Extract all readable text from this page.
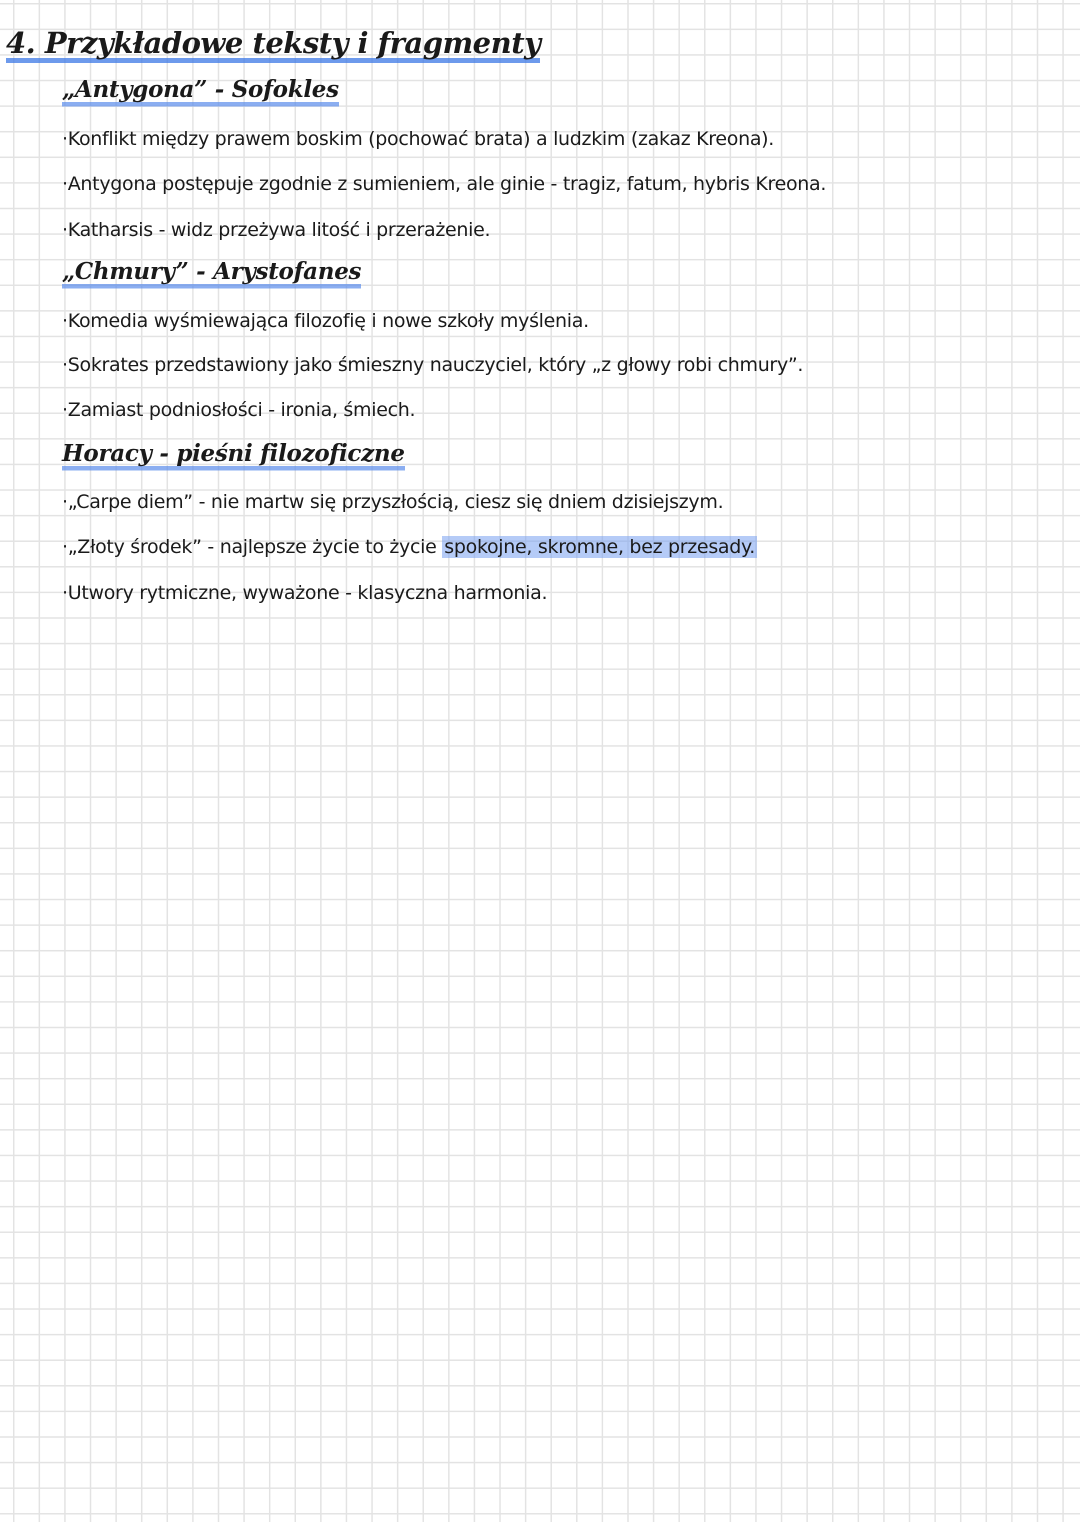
4. Przykładowe teksty i fragmenty
„Antygona” - Sofokles
·Konflikt między prawem boskim (pochować brata) a ludzkim (zakaz Kreona).
·Antygona postępuje zgodnie z sumieniem, ale ginie - tragiz, fatum, hybris Kreona.
·Katharsis - widz przeżywa litość i przerażenie.
„Chmury” - Arystofanes
·Komedia wyśmiewająca filozofię i nowe szkoły myślenia.
·Sokrates przedstawiony jako śmieszny nauczyciel, który „z głowy robi chmury”.
·Zamiast podniosłości - ironia, śmiech.
Horacy - pieśni filozoficzne
·„Carpe diem” - nie martw się przyszłością, ciesz się dniem dzisiejszym.
·„Złoty środek” - najlepsze życie to życie spokojne, skromne, bez przesady.
·Utwory rytmiczne, wyważone - klasyczna harmonia.
